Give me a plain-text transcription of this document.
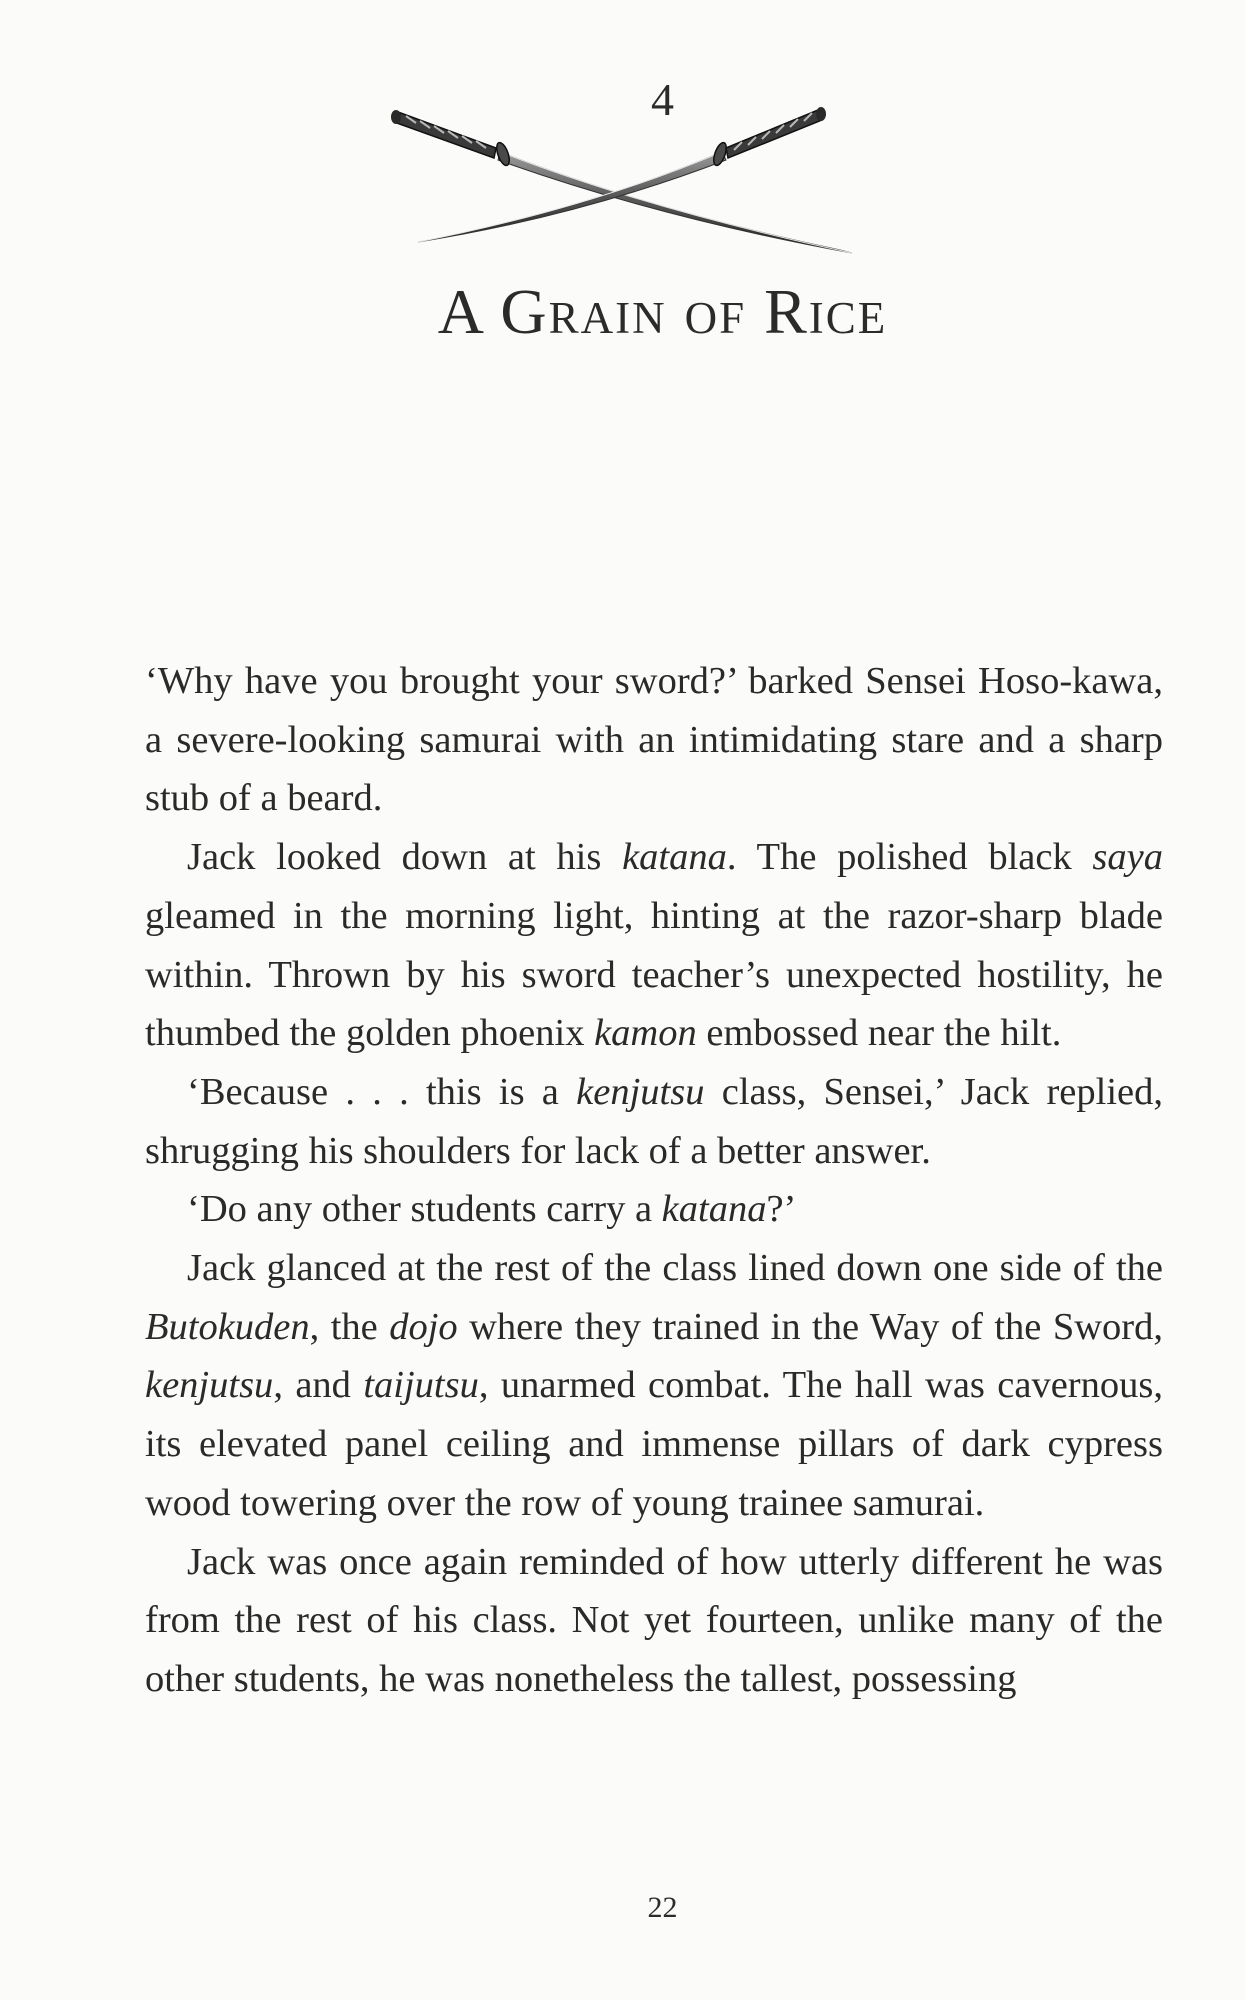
4
A Grain of Rice

‘Why have you brought your sword?’ barked Sensei Hoso-kawa, a severe-looking samurai with an intimidating stare and a sharp stub of a beard.

Jack looked down at his katana. The polished black saya gleamed in the morning light, hinting at the razor-sharp blade within. Thrown by his sword teacher’s unexpected hostility, he thumbed the golden phoenix kamon embossed near the hilt.

‘Because . . . this is a kenjutsu class, Sensei,’ Jack replied, shrugging his shoulders for lack of a better answer.

‘Do any other students carry a katana?’

Jack glanced at the rest of the class lined down one side of the Butokuden, the dojo where they trained in the Way of the Sword, kenjutsu, and taijutsu, unarmed combat. The hall was cavernous, its elevated panel ceiling and immense pillars of dark cypress wood towering over the row of young trainee samurai.

Jack was once again reminded of how utterly different he was from the rest of his class. Not yet fourteen, unlike many of the other students, he was nonetheless the tallest, possessing

22
